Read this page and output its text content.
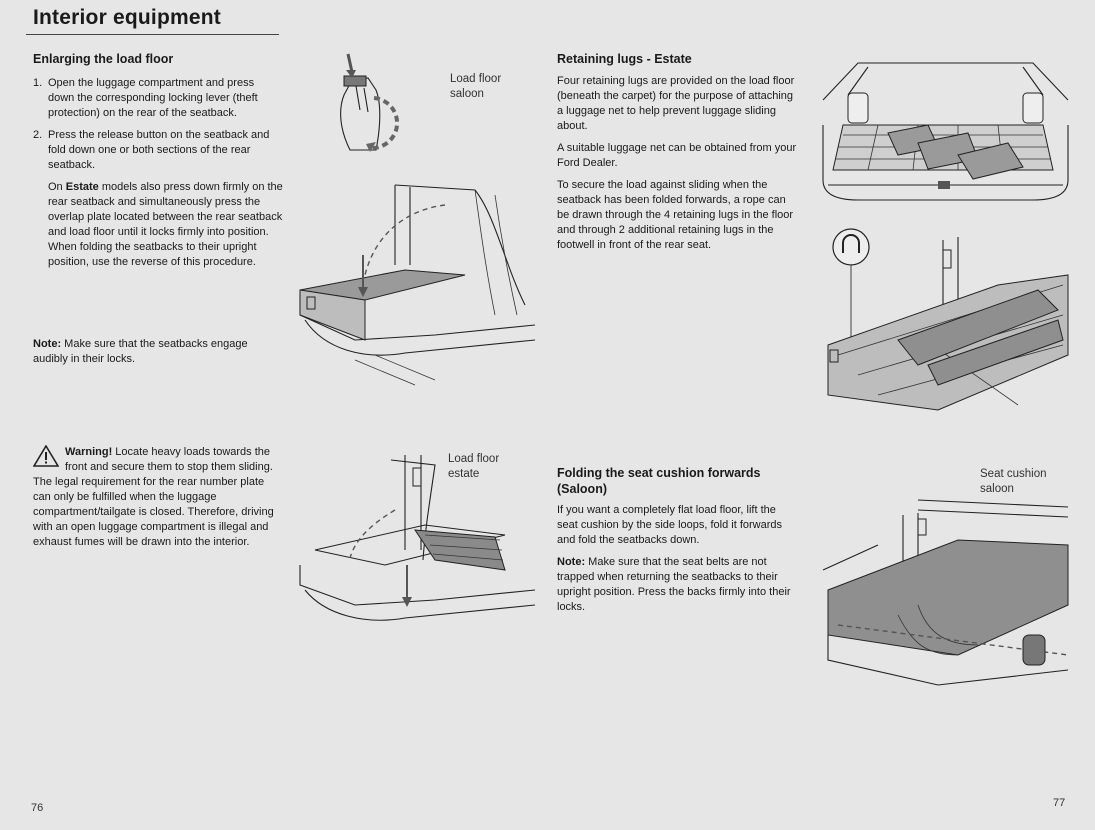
Interior equipment
Enlarging the load floor
1. Open the luggage compartment and press down the corresponding locking lever (theft protection) on the rear of the seatback.
2. Press the release button on the seatback and fold down one or both sections of the rear seatback.
On Estate models also press down firmly on the rear seatback and simultaneously press the overlap plate located between the rear seatback and load floor until it locks firmly into position. When folding the seatbacks to their upright position, use the reverse of this procedure.
Note: Make sure that the seatbacks engage audibly in their locks.
Warning! Locate heavy loads towards the front and secure them to stop them sliding. The legal requirement for the rear number plate can only be fulfilled when the luggage compartment/tailgate is closed. Therefore, driving with an open luggage compartment is illegal and exhaust fumes will be drawn into the interior.
Load floor
saloon
Load floor
estate
Retaining lugs - Estate

Four retaining lugs are provided on the load floor (beneath the carpet) for the purpose of attaching a luggage net to help prevent luggage sliding about.

A suitable luggage net can be obtained from your Ford Dealer.

To secure the load against sliding when the seatback has been folded forwards, a rope can be drawn through the 4 retaining lugs in the floor and through 2 additional retaining lugs in the footwell in front of the rear seat.

Folding the seat cushion forwards (Saloon)

If you want a completely flat load floor, lift the seat cushion by the side loops, fold it forwards and fold the seatbacks down.

Note: Make sure that the seat belts are not trapped when returning the seatbacks to their upright position. Press the backs firmly into their locks.

Seat cushion
saloon
76	77
